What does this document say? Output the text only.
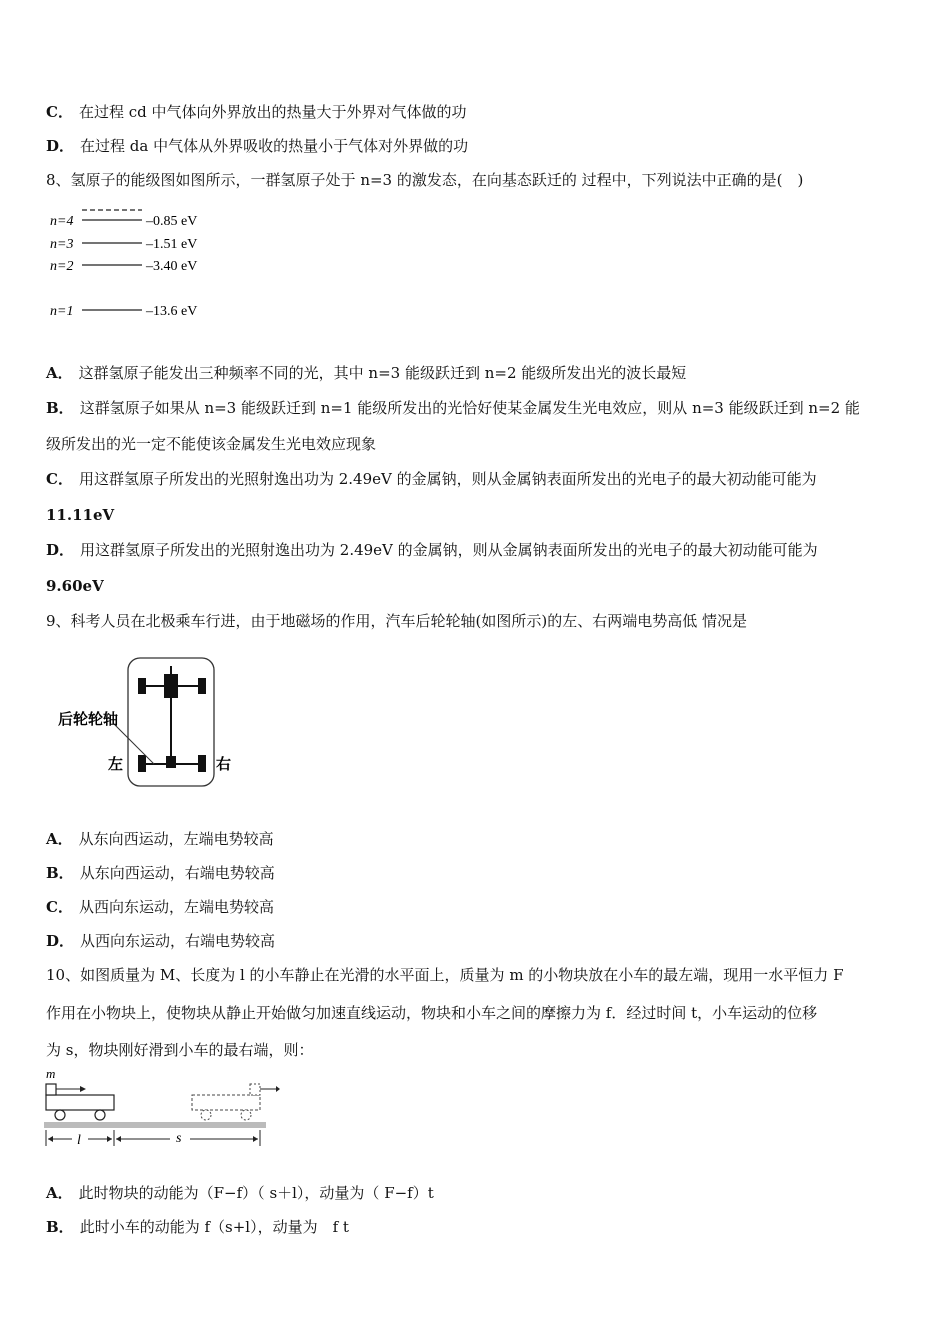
C． 在过程 cd 中气体向外界放出的热量大于外界对气体做的功
D． 在过程 da 中气体从外界吸收的热量小于气体对外界做的功
8、氢原子的能级图如图所示，一群氢原子处于 n=3 的激发态，在向基态跃迁的 过程中，下列说法中正确的是(　)
n=4	–0.85 eV
n=3	–1.51 eV
n=2	–3.40 eV
n=1	–13.6 eV
A． 这群氢原子能发出三种频率不同的光，其中 n=3 能级跃迁到 n=2 能级所发出光的波长最短
B． 这群氢原子如果从 n=3 能级跃迁到 n=1 能级所发出的光恰好使某金属发生光电效应，则从 n=3 能级跃迁到 n=2 能
级所发出的光一定不能使该金属发生光电效应现象
C． 用这群氢原子所发出的光照射逸出功为 2.49eV 的金属钠，则从金属钠表面所发出的光电子的最大初动能可能为
11.11eV
D． 用这群氢原子所发出的光照射逸出功为 2.49eV 的金属钠，则从金属钠表面所发出的光电子的最大初动能可能为
9.60eV
9、科考人员在北极乘车行进，由于地磁场的作用，汽车后轮轮轴(如图所示)的左、右两端电势高低 情况是
后轮轮轴
左	右
A． 从东向西运动，左端电势较高
B． 从东向西运动，右端电势较高
C． 从西向东运动，左端电势较高
D． 从西向东运动，右端电势较高
10、如图质量为 M、长度为 l 的小车静止在光滑的水平面上，质量为 m 的小物块放在小车的最左端，现用一水平恒力 F
作用在小物块上，使物块从静止开始做匀加速直线运动，物块和小车之间的摩擦力为 f．经过时间 t，小车运动的位移
为 s，物块刚好滑到小车的最右端，则：
m
l	s
A． 此时物块的动能为（F−f）（ s＋l），动量为（ F−f）t
B． 此时小车的动能为 f（s+l），动量为　f t
